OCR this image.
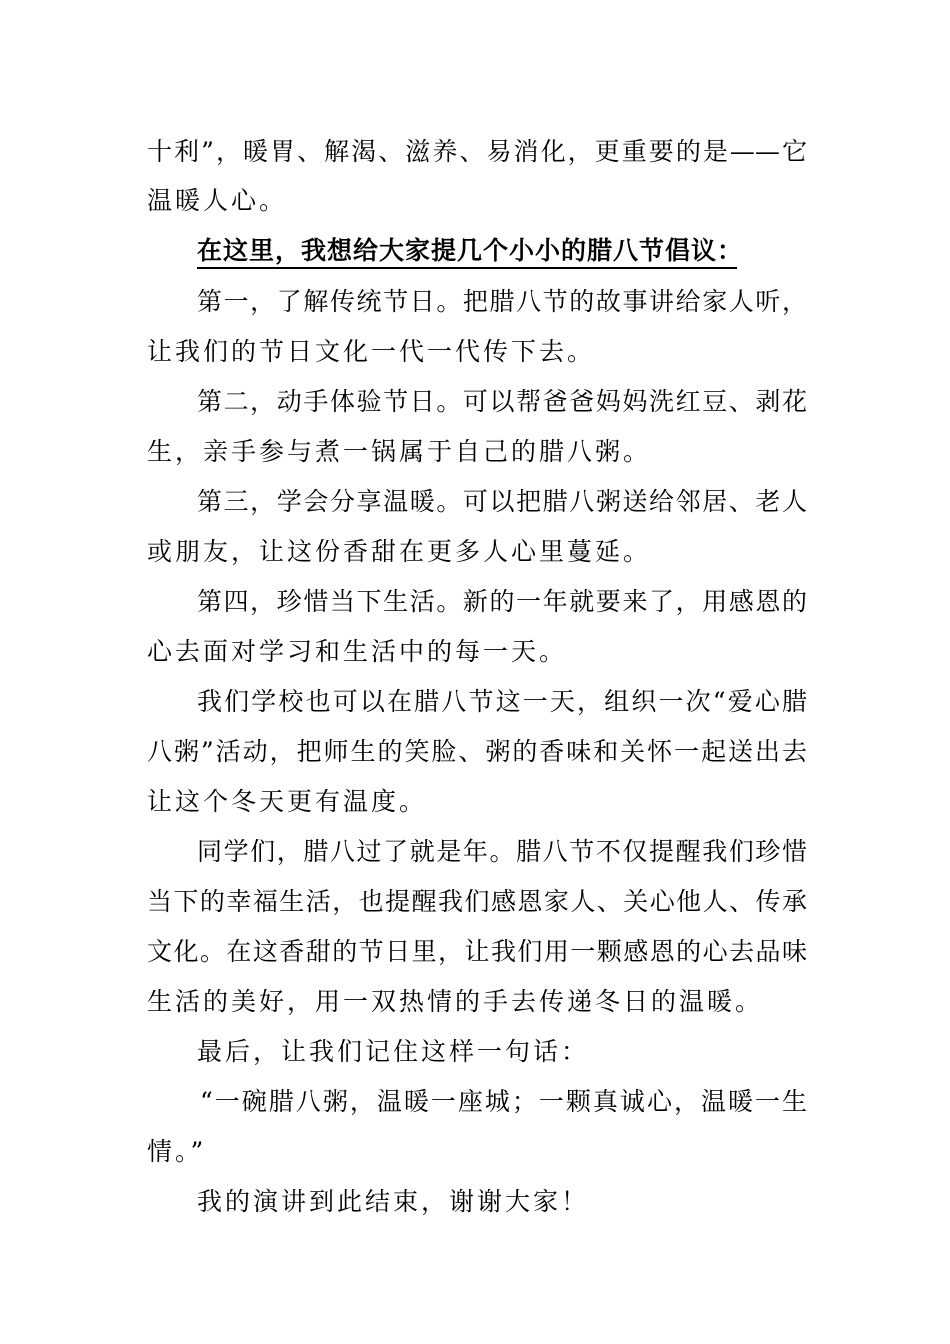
十利”，暖胃、解渴、滋养、易消化，更重要的是——它
温暖人心。
在这里，我想给大家提几个小小的腊八节倡议：
第一，了解传统节日。把腊八节的故事讲给家人听，
让我们的节日文化一代一代传下去。
第二，动手体验节日。可以帮爸爸妈妈洗红豆、剥花
生，亲手参与煮一锅属于自己的腊八粥。
第三，学会分享温暖。可以把腊八粥送给邻居、老人
或朋友，让这份香甜在更多人心里蔓延。
第四，珍惜当下生活。新的一年就要来了，用感恩的
心去面对学习和生活中的每一天。
我们学校也可以在腊八节这一天，组织一次“爱心腊
八粥”活动，把师生的笑脸、粥的香味和关怀一起送出去
让这个冬天更有温度。
同学们，腊八过了就是年。腊八节不仅提醒我们珍惜
当下的幸福生活，也提醒我们感恩家人、关心他人、传承
文化。在这香甜的节日里，让我们用一颗感恩的心去品味
生活的美好，用一双热情的手去传递冬日的温暖。
最后，让我们记住这样一句话：
“一碗腊八粥，温暖一座城；一颗真诚心，温暖一生
情。”
我的演讲到此结束，谢谢大家！
